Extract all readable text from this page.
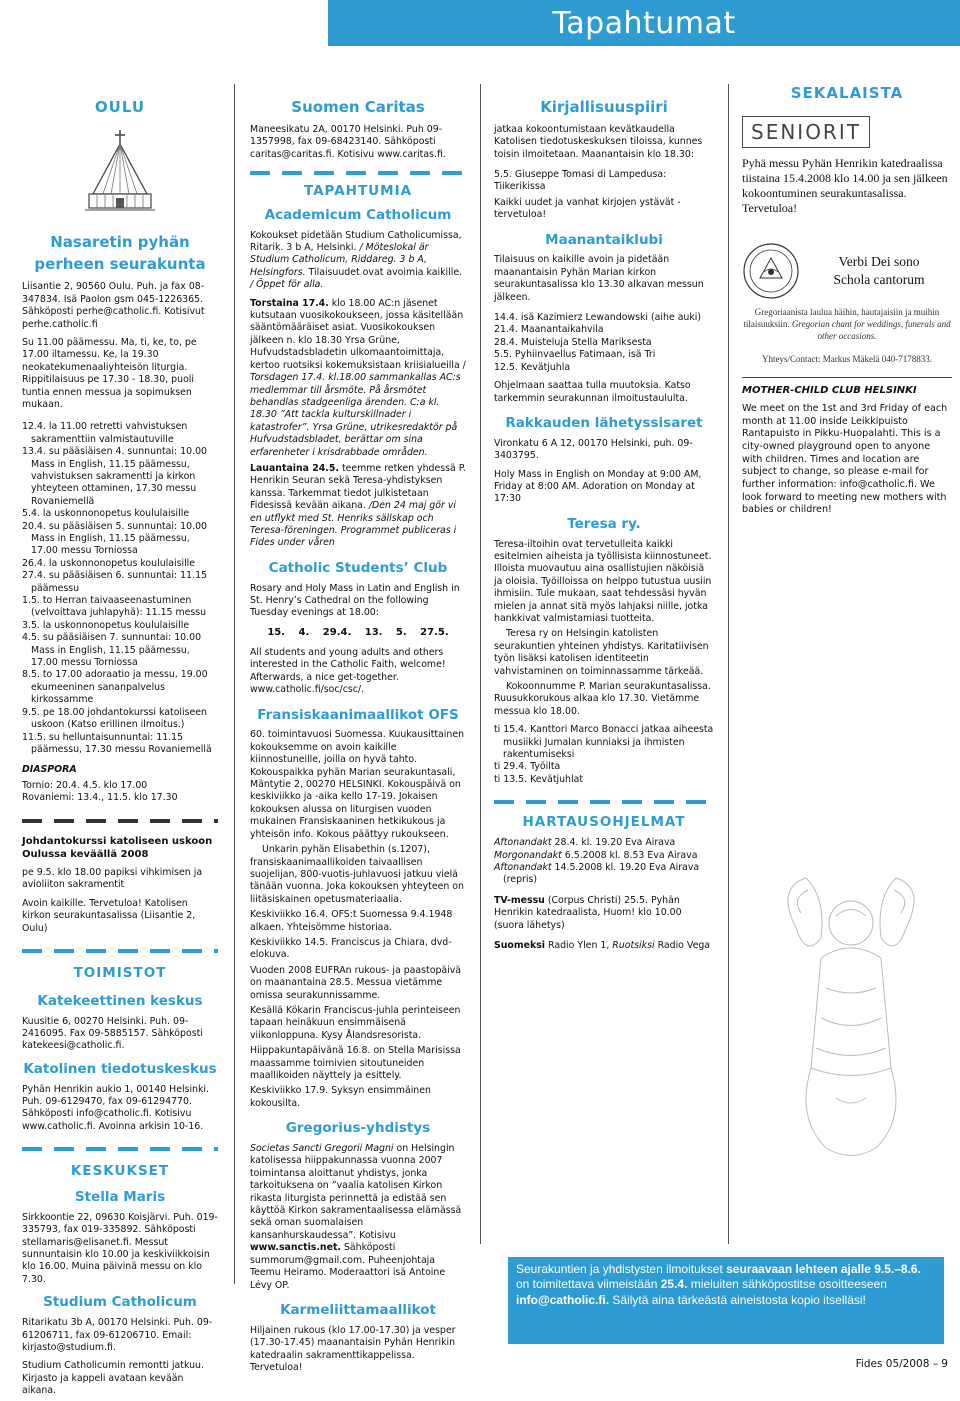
Tapahtumat
OULU
Nasaretin pyhän perheen seurakunta

Liisantie 2, 90560 Oulu. Puh. ja fax 08-347834. Isä Paolon gsm 045-1226365. Sähköposti perhe@catholic.fi. Kotisivut perhe.catholic.fi

Su 11.00 päämessu. Ma, ti, ke, to, pe 17.00 iltamessu. Ke, la 19.30 neokatekumenaaliyhteisön liturgia. Rippitilaisuus pe 17.30 - 18.30, puoli tuntia ennen messua ja sopimuksen mukaan.

12.4. la 11.00 retretti vahvistuksen sakramenttiin valmistautuville

13.4. su pääsiäisen 4. sunnuntai: 10.00 Mass in English, 11.15 päämessu, vahvistuksen sakramentti ja kirkon yhteyteen ottaminen, 17.30 messu Rovaniemellä

5.4. la uskonnonopetus koululaisille

20.4. su pääsiäisen 5. sunnuntai: 10.00 Mass in English, 11.15 päämessu, 17.00 messu Torniossa

26.4. la uskonnonopetus koululaisille

27.4. su pääsiäisen 6. sunnuntai: 11.15 päämessu

1.5. to Herran taivaaseenastuminen (velvoittava juhlapyhä): 11.15 messu

3.5. la uskonnonopetus koululaisille

4.5. su pääsiäisen 7. sunnuntai: 10.00 Mass in English, 11.15 päämessu, 17.00 messu Torniossa

8.5. to 17.00 adoraatio ja messu, 19.00 ekumeeninen sananpalvelus kirkossamme

9.5. pe 18.00 johdantokurssi katoliseen uskoon (Katso erillinen ilmoitus.)

11.5. su helluntaisunnuntai: 11.15 päämessu, 17.30 messu Rovaniemellä

DIASPORA

Tornio: 20.4. 4.5. klo 17.00

Rovaniemi: 13.4., 11.5. klo 17.30

Johdantokurssi katoliseen uskoon Oulussa keväällä 2008

pe 9.5. klo 18.00 papiksi vihkimisen ja avioliiton sakramentit

Avoin kaikille. Tervetuloa! Katolisen kirkon seurakuntasalissa (Liisantie 2, Oulu)

TOIMISTOT
Katekeettinen keskus

Kuusitie 6, 00270 Helsinki. Puh. 09-2416095. Fax 09-5885157. Sähköposti katekeesi@catholic.fi.

Katolinen tiedotuskeskus

Pyhän Henrikin aukio 1, 00140 Helsinki. Puh. 09-6129470, fax 09-61294770. Sähköposti info@catholic.fi. Kotisivu www.catholic.fi. Avoinna arkisin 10-16.

KESKUKSET
Stella Maris

Sirkkoontie 22, 09630 Koisjärvi. Puh. 019-335793, fax 019-335892. Sähköposti stellamaris@elisanet.fi. Messut sunnuntaisin klo 10.00 ja keskiviikkoisin klo 16.00. Muina päivinä messu on klo 7.30.

Studium Catholicum

Ritarikatu 3b A, 00170 Helsinki. Puh. 09-61206711, fax 09-61206710. Email: kirjasto@studium.fi.

Studium Catholicumin remontti jatkuu. Kirjasto ja kappeli avataan kevään aikana.

Suomen Caritas

Maneesikatu 2A, 00170 Helsinki. Puh 09-1357998, fax 09-68423140. Sähköposti caritas@caritas.fi. Kotisivu www.caritas.fi.

TAPAHTUMIA
Academicum Catholicum

Kokoukset pidetään Studium Catholicumissa, Ritarik. 3 b A, Helsinki. / Möteslokal är Studium Catholicum, Riddareg. 3 b A, Helsingfors. Tilaisuudet ovat avoimia kaikille. / Öppet för alla.

Torstaina 17.4. klo 18.00 AC:n jäsenet kutsutaan vuosikokoukseen, jossa käsitellään sääntömääräiset asiat. Vuosikokouksen jälkeen n. klo 18.30 Yrsa Grüne, Hufvudstadsbladetin ulkomaantoimittaja, kertoo ruotsiksi kokemuksistaan kriisialueilla / Torsdagen 17.4. kl.18.00 sammankallas AC:s medlemmar till årsmöte. På årsmötet behandlas stadgeenliga ärenden. C:a kl. 18.30 ”Att tackla kulturskillnader i katastrofer”. Yrsa Grüne, utrikesredaktör på Hufvudstadsbladet, berättar om sina erfarenheter i krisdrabbade områden.

Lauantaina 24.5. teemme retken yhdessä P. Henrikin Seuran sekä Teresa-yhdistyksen kanssa. Tarkemmat tiedot julkistetaan Fidesissä kevään aikana. /Den 24 maj gör vi en utflykt med St. Henriks sällskap och Teresa-föreningen. Programmet publiceras i Fides under våren

Catholic Students’ Club

Rosary and Holy Mass in Latin and English in St. Henry’s Cathedral on the following Tuesday evenings at 18.00:

15. 4. 29.4. 13. 5. 27.5.

All students and young adults and others interested in the Catholic Faith, welcome! Afterwards, a nice get-together. www.catholic.fi/soc/csc/.

Fransiskaanimaallikot OFS

60. toimintavuosi Suomessa. Kuukausittainen kokouksemme on avoin kaikille kiinnostuneille, joilla on hyvä tahto. Kokouspaikka pyhän Marian seurakuntasali, Mäntytie 2, 00270 HELSINKI. Kokouspäivä on keskiviikko ja -aika kello 17-19. Jokaisen kokouksen alussa on liturgisen vuoden mukainen Fransiskaaninen hetkikukous ja yhteisön info. Kokous päättyy rukoukseen.

Unkarin pyhän Elisabethin (s.1207), fransiskaanimaallikoiden taivaallisen suojelijan, 800-vuotis-juhlavuosi jatkuu vielä tänään vuonna. Joka kokouksen yhteyteen on liitäsiskainen opetusmateriaalia.

Keskiviikko 16.4. OFS:t Suomessa 9.4.1948 alkaen. Yhteisömme historiaa.

Keskiviikko 14.5. Franciscus ja Chiara, dvd-elokuva.

Vuoden 2008 EUFRAn rukous- ja paastopäivä on maanantaina 28.5. Messua vietämme omissa seurakunnissamme.

Kesällä Kökarin Franciscus-juhla perinteiseen tapaan heinäkuun ensimmäisenä viikonloppuna. Kysy Ålandsresorista.

Hiippakuntapäivänä 16.8. on Stella Marisissa maassamme toimivien sitoutuneiden maallikoiden näyttely ja esittely.

Keskiviikko 17.9. Syksyn ensimmäinen kokousilta.

Gregorius-yhdistys

Societas Sancti Gregorii Magni on Helsingin katolisessa hiippakunnassa vuonna 2007 toimintansa aloittanut yhdistys, jonka tarkoituksena on ”vaalia katolisen Kirkon rikasta liturgista perinnettä ja edistää sen käyttöä Kirkon sakramentaalisessa elämässä sekä oman suomalaisen kansanhurskaudessa”. Kotisivu www.sanctis.net. Sähköposti summorum@gmail.com. Puheenjohtaja Teemu Heiramo. Moderaattori isä Antoine Lévy OP.

Karmeliittamaallikot

Hiljainen rukous (klo 17.00-17.30) ja vesper (17.30-17.45) maanantaisin Pyhän Henrikin katedraalin sakramenttikappelissa. Tervetuloa!

Kirjallisuuspiiri

jatkaa kokoontumistaan kevätkaudella Katolisen tiedotuskeskuksen tiloissa, kunnes toisin ilmoitetaan. Maanantaisin klo 18.30:

5.5. Giuseppe Tomasi di Lampedusa: Tiikerikissa

Kaikki uudet ja vanhat kirjojen ystävät - tervetuloa!

Maanantaiklubi

Tilaisuus on kaikille avoin ja pidetään maanantaisin Pyhän Marian kirkon seurakuntasalissa klo 13.30 alkavan messun jälkeen.

14.4. isä Kazimierz Lewandowski (aihe auki)

21.4. Maanantaikahvila

28.4. Muisteluja Stella Mariksesta

5.5. Pyhiinvaellus Fatimaan, isä Tri

12.5. Kevätjuhla

Ohjelmaan saattaa tulla muutoksia. Katso tarkemmin seurakunnan ilmoitustaululta.

Rakkauden lähetyssisaret

Vironkatu 6 A 12, 00170 Helsinki, puh. 09-3403795.

Holy Mass in English on Monday at 9:00 AM, Friday at 8:00 AM. Adoration on Monday at 17:30

Teresa ry.

Teresa-iltoihin ovat tervetulleita kaikki esitelmien aiheista ja työllisista kiinnostuneet. Illoista muovautuu aina osallistujien näköisiä ja oloisia. Työilloissa on helppo tutustua uusiin ihmisiin. Tule mukaan, saat tehdessäsi hyvän mielen ja annat sitä myös lahjaksi niille, jotka hankkivat valmistamiasi tuotteita.

Teresa ry on Helsingin katolisten seurakuntien yhteinen yhdistys. Karitatiivisen työn lisäksi katolisen identiteetin vahvistaminen on toiminnassamme tärkeää.

Kokoonnumme P. Marian seurakuntasalissa. Ruusukkorukous alkaa klo 17.30. Vietämme messua klo 18.00.

ti 15.4. Kanttori Marco Bonacci jatkaa aiheesta musiikki Jumalan kunniaksi ja ihmisten rakentumiseksi

ti 29.4. Työilta

ti 13.5. Kevätjuhlat

HARTAUSOHJELMAT

Aftonandakt 28.4. kl. 19.20 Eva Airava

Morgonandakt 6.5.2008 kl. 8.53 Eva Airava

Aftonandakt 14.5.2008 kl. 19.20 Eva Airava (repris)

TV-messu (Corpus Christi) 25.5. Pyhän Henrikin katedraalista, Huom! klo 10.00 (suora lähetys)

Suomeksi Radio Ylen 1, Ruotsiksi Radio Vega

SEKALAISTA
SENIORIT

Pyhä messu Pyhän Henrikin katedraalissa tiistaina 15.4.2008 klo 14.00 ja sen jälkeen kokoontuminen seurakuntasalissa. Tervetuloa!

Verbi Dei sono
Schola cantorum
Gregoriaanista laulua häihin, hautajaisiin ja muihin tilaisuuksiin. Gregorian chant for weddings, funerals and other occasions.
Yhteys/Contact: Markus Mäkelä 040-7178833.
MOTHER-CHILD CLUB HELSINKI

We meet on the 1st and 3rd Friday of each month at 11.00 inside Leikkipuisto Rantapuisto in Pikku-Huopalahti. This is a city-owned playground open to anyone with children. Times and location are subject to change, so please e-mail for further information: info@catholic.fi. We look forward to meeting new mothers with babies or children!

Seurakuntien ja yhdistysten ilmoitukset seuraavaan lehteen ajalle 9.5.–8.6. on toimitettava viimeistään 25.4. mieluiten sähköpostitse osoitteeseen info@catholic.fi. Säilytä aina tärkeästä aineistosta kopio itselläsi!
Fides 05/2008 – 9
